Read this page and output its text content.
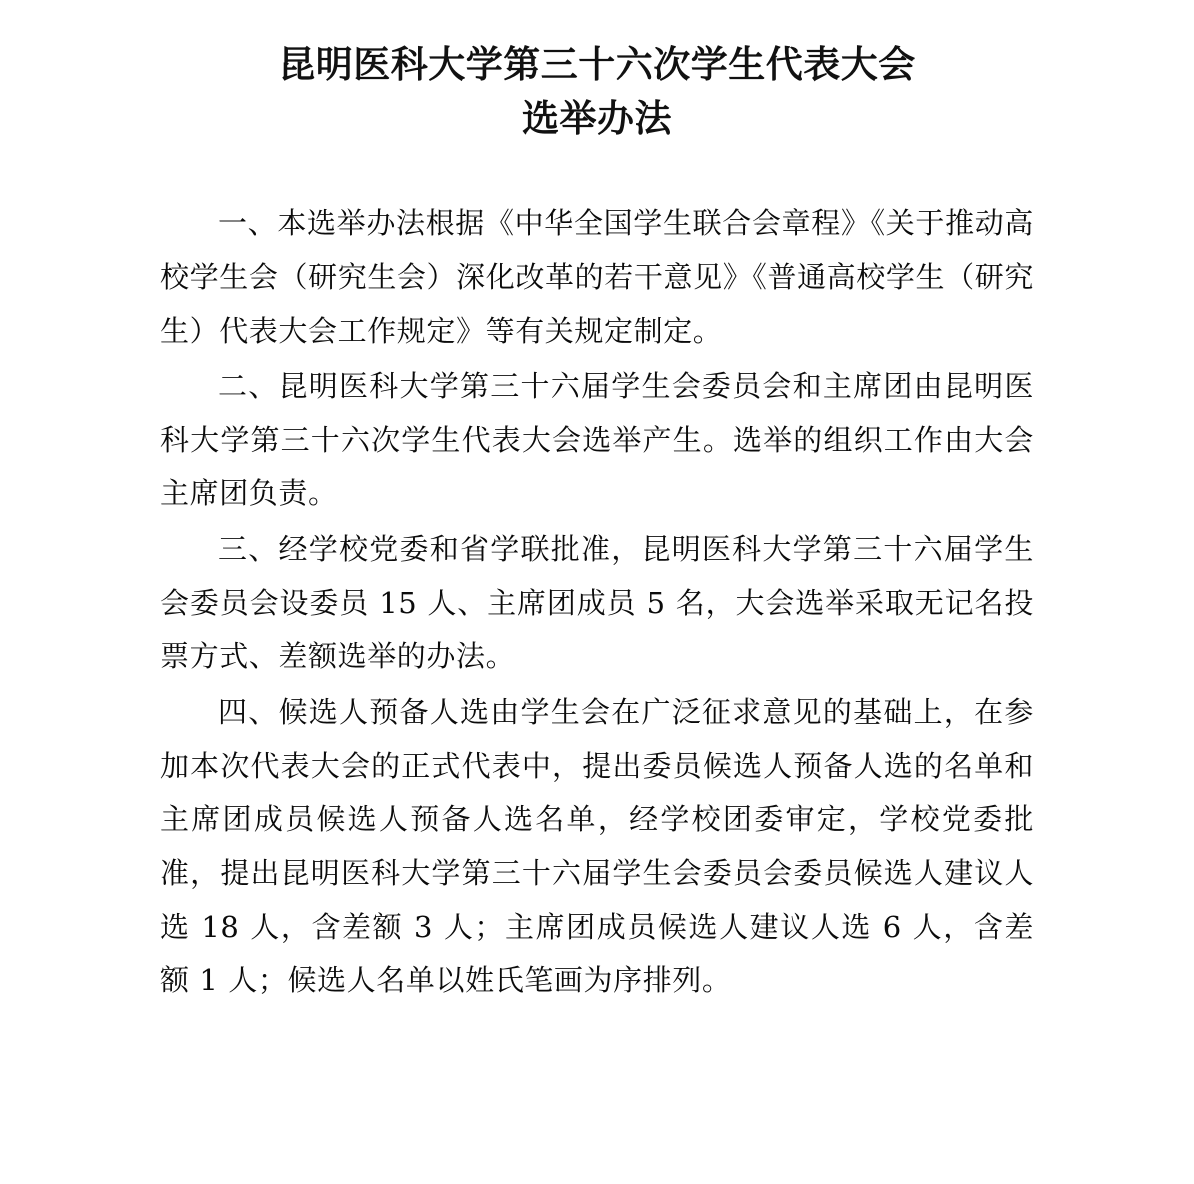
昆明医科大学第三十六次学生代表大会
选举办法

一、本选举办法根据《中华全国学生联合会章程》《关于推动高校学生会（研究生会）深化改革的若干意见》《普通高校学生（研究生）代表大会工作规定》等有关规定制定。

二、昆明医科大学第三十六届学生会委员会和主席团由昆明医科大学第三十六次学生代表大会选举产生。选举的组织工作由大会主席团负责。

三、经学校党委和省学联批准，昆明医科大学第三十六届学生会委员会设委员 15 人、主席团成员 5 名，大会选举采取无记名投票方式、差额选举的办法。

四、候选人预备人选由学生会在广泛征求意见的基础上，在参加本次代表大会的正式代表中，提出委员候选人预备人选的名单和主席团成员候选人预备人选名单，经学校团委审定，学校党委批准，提出昆明医科大学第三十六届学生会委员会委员候选人建议人选 18 人，含差额 3 人；主席团成员候选人建议人选 6 人，含差额 1 人；候选人名单以姓氏笔画为序排列。
